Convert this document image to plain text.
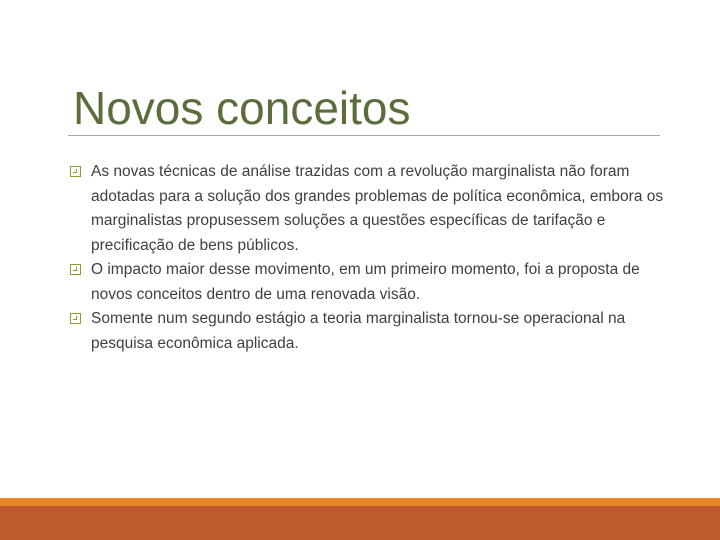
Novos conceitos
As novas técnicas de análise trazidas com a revolução marginalista não foram adotadas para a solução dos grandes problemas de política econômica, embora os marginalistas propusessem soluções a questões específicas de tarifação e precificação de bens públicos.
O impacto maior desse movimento, em um primeiro momento, foi a proposta de novos conceitos dentro de uma renovada visão.
Somente num segundo estágio a teoria marginalista tornou-se operacional na pesquisa econômica aplicada.
